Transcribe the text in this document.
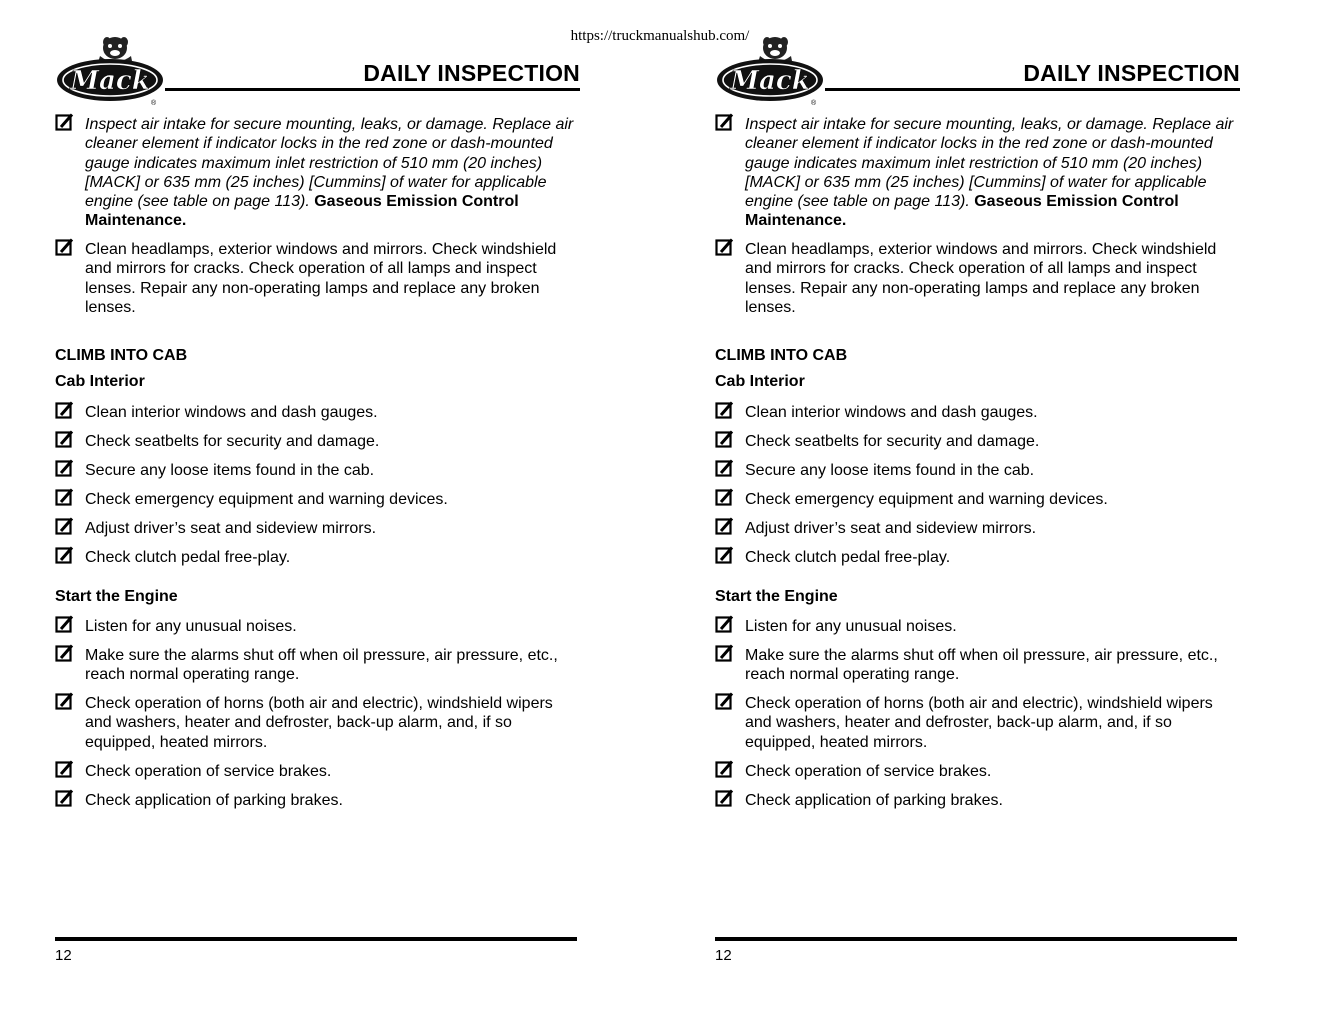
https://truckmanualshub.com/
Mack
®
DAILY INSPECTION
Inspect air intake for secure mounting, leaks, or damage. Replace air cleaner element if indicator locks in the red zone or dash-mounted gauge indicates maximum inlet restriction of 510 mm (20 inches) [MACK] or 635 mm (25 inches) [Cummins] of water for applicable engine (see table on page 113). Gaseous Emission Control Maintenance.
Clean headlamps, exterior windows and mirrors. Check windshield and mirrors for cracks. Check operation of all lamps and inspect lenses. Repair any non-operating lamps and replace any broken lenses.
CLIMB INTO CAB
Cab Interior
Clean interior windows and dash gauges.
Check seatbelts for security and damage.
Secure any loose items found in the cab.
Check emergency equipment and warning devices.
Adjust driver’s seat and sideview mirrors.
Check clutch pedal free-play.
Start the Engine
Listen for any unusual noises.
Make sure the alarms shut off when oil pressure, air pressure, etc., reach normal operating range.
Check operation of horns (both air and electric), windshield wipers and washers, heater and defroster, back-up alarm, and, if so equipped, heated mirrors.
Check operation of service brakes.
Check application of parking brakes.
12
Mack
®
DAILY INSPECTION
Inspect air intake for secure mounting, leaks, or damage. Replace air cleaner element if indicator locks in the red zone or dash-mounted gauge indicates maximum inlet restriction of 510 mm (20 inches) [MACK] or 635 mm (25 inches) [Cummins] of water for applicable engine (see table on page 113). Gaseous Emission Control Maintenance.
Clean headlamps, exterior windows and mirrors. Check windshield and mirrors for cracks. Check operation of all lamps and inspect lenses. Repair any non-operating lamps and replace any broken lenses.
CLIMB INTO CAB
Cab Interior
Clean interior windows and dash gauges.
Check seatbelts for security and damage.
Secure any loose items found in the cab.
Check emergency equipment and warning devices.
Adjust driver’s seat and sideview mirrors.
Check clutch pedal free-play.
Start the Engine
Listen for any unusual noises.
Make sure the alarms shut off when oil pressure, air pressure, etc., reach normal operating range.
Check operation of horns (both air and electric), windshield wipers and washers, heater and defroster, back-up alarm, and, if so equipped, heated mirrors.
Check operation of service brakes.
Check application of parking brakes.
12
